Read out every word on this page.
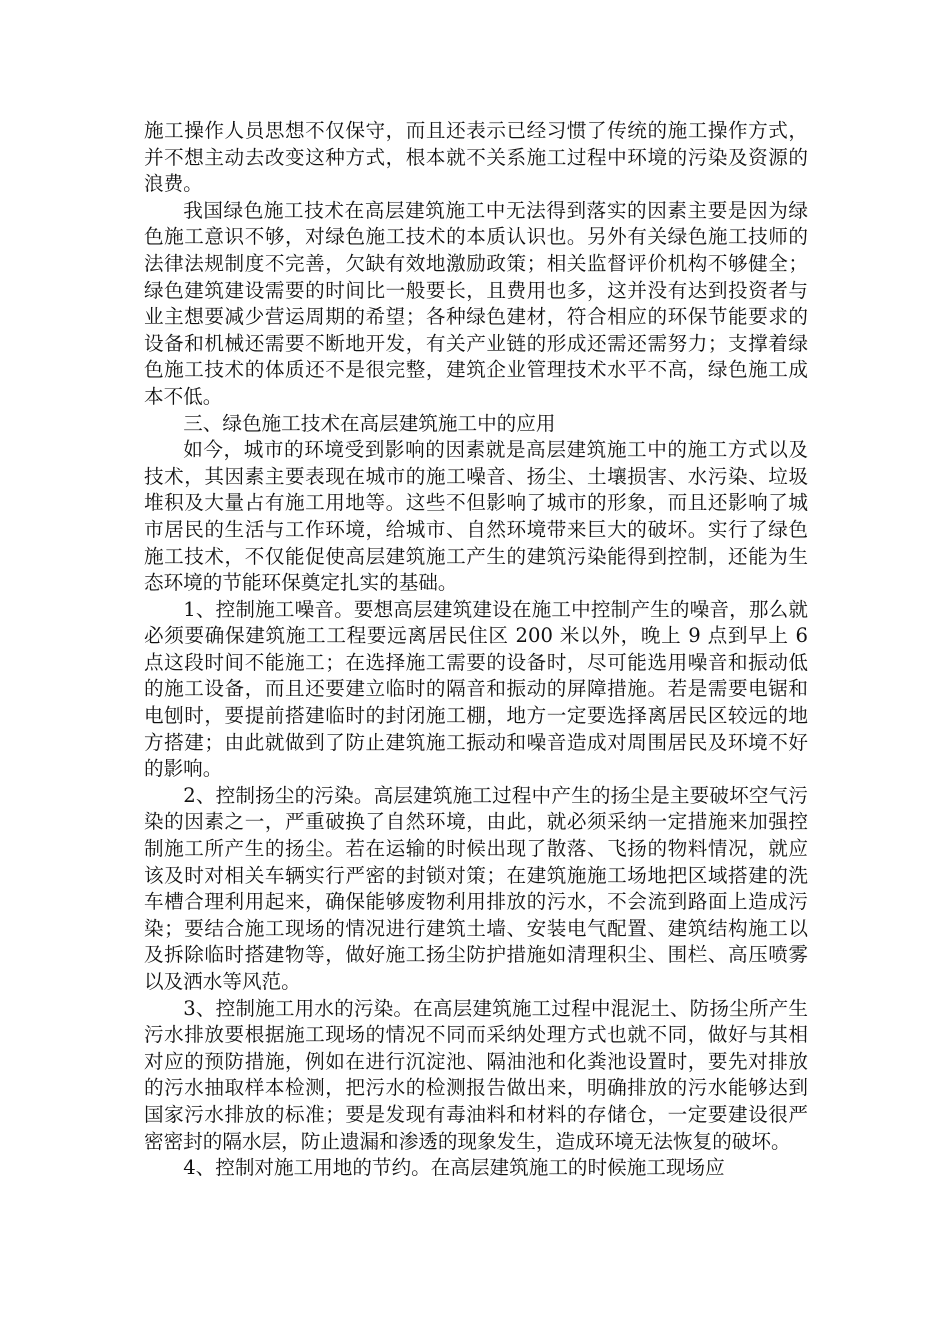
施工操作人员思想不仅保守，而且还表示已经习惯了传统的施工操作方式，并不想主动去改变这种方式，根本就不关系施工过程中环境的污染及资源的浪费。

我国绿色施工技术在高层建筑施工中无法得到落实的因素主要是因为绿色施工意识不够，对绿色施工技术的本质认识也。另外有关绿色施工技师的法律法规制度不完善，欠缺有效地激励政策；相关监督评价机构不够健全；绿色建筑建设需要的时间比一般要长，且费用也多，这并没有达到投资者与业主想要减少营运周期的希望；各种绿色建材，符合相应的环保节能要求的设备和机械还需要不断地开发，有关产业链的形成还需还需努力；支撑着绿色施工技术的体质还不是很完整，建筑企业管理技术水平不高，绿色施工成本不低。

三、绿色施工技术在高层建筑施工中的应用

如今，城市的环境受到影响的因素就是高层建筑施工中的施工方式以及技术，其因素主要表现在城市的施工噪音、扬尘、土壤损害、水污染、垃圾堆积及大量占有施工用地等。这些不但影响了城市的形象，而且还影响了城市居民的生活与工作环境，给城市、自然环境带来巨大的破坏。实行了绿色施工技术，不仅能促使高层建筑施工产生的建筑污染能得到控制，还能为生态环境的节能环保奠定扎实的基础。

1、控制施工噪音。要想高层建筑建设在施工中控制产生的噪音，那么就必须要确保建筑施工工程要远离居民住区 200 米以外，晚上 9 点到早上 6 点这段时间不能施工；在选择施工需要的设备时，尽可能选用噪音和振动低的施工设备，而且还要建立临时的隔音和振动的屏障措施。若是需要电锯和电刨时，要提前搭建临时的封闭施工棚，地方一定要选择离居民区较远的地方搭建；由此就做到了防止建筑施工振动和噪音造成对周围居民及环境不好的影响。

2、控制扬尘的污染。高层建筑施工过程中产生的扬尘是主要破坏空气污染的因素之一，严重破换了自然环境，由此，就必须采纳一定措施来加强控制施工所产生的扬尘。若在运输的时候出现了散落、飞扬的物料情况，就应该及时对相关车辆实行严密的封锁对策；在建筑施施工场地把区域搭建的洗车槽合理利用起来，确保能够废物利用排放的污水，不会流到路面上造成污染；要结合施工现场的情况进行建筑土墙、安装电气配置、建筑结构施工以及拆除临时搭建物等，做好施工扬尘防护措施如清理积尘、围栏、高压喷雾以及洒水等风范。

3、控制施工用水的污染。在高层建筑施工过程中混泥土、防扬尘所产生污水排放要根据施工现场的情况不同而采纳处理方式也就不同，做好与其相对应的预防措施，例如在进行沉淀池、隔油池和化粪池设置时，要先对排放的污水抽取样本检测，把污水的检测报告做出来，明确排放的污水能够达到国家污水排放的标准；要是发现有毒油料和材料的存储仓，一定要建设很严密密封的隔水层，防止遗漏和渗透的现象发生，造成环境无法恢复的破坏。

4、控制对施工用地的节约。在高层建筑施工的时候施工现场应
